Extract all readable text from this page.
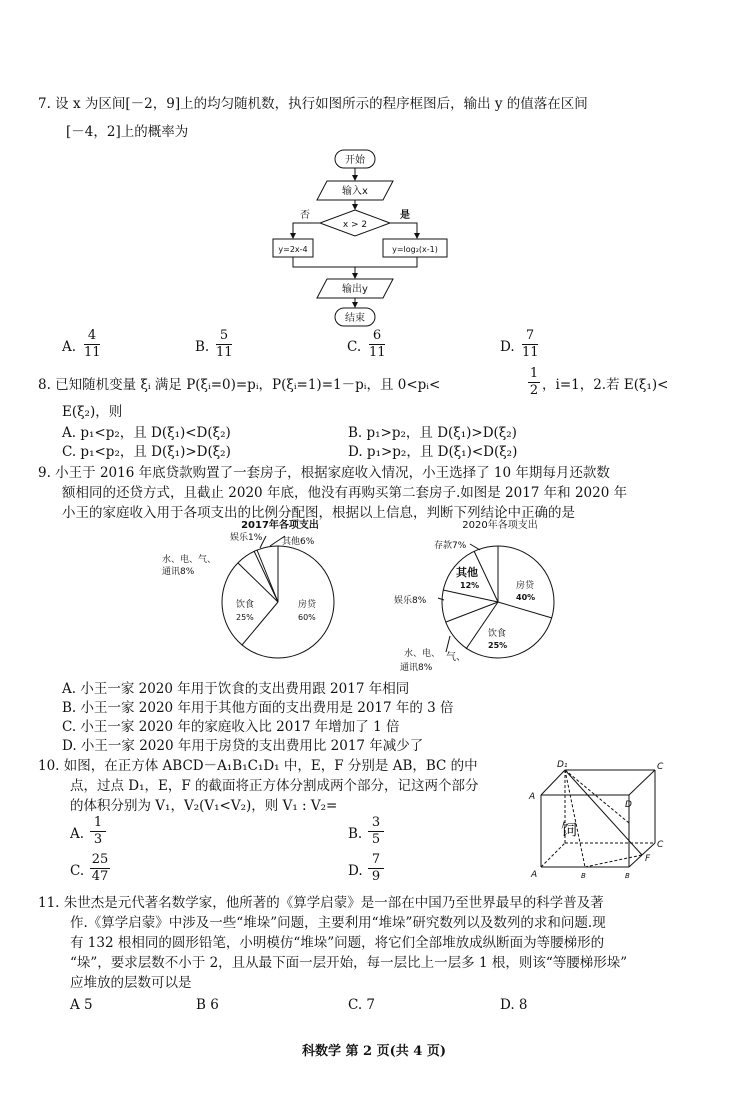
7. 设 x 为区间[－2，9]上的均匀随机数，执行如图所示的程序框图后，输出 y 的值落在区间
[－4，2]上的概率为
开始
输入x
x > 2
否	是
y=2x-4	y=log₂(x-1)
输出y
结束
A.
4
11	B.
5
11	C.
6
11	D.
7
11
8. 已知随机变量 ξᵢ 满足 P(ξᵢ=0)=pᵢ，P(ξᵢ=1)=1－pᵢ，且 0<pᵢ<
1
2 ，i=1，2.若 E(ξ₁)<
E(ξ₂)，则
A. p₁<p₂，且 D(ξ₁)<D(ξ₂)	B. p₁>p₂，且 D(ξ₁)>D(ξ₂)
C. p₁<p₂，且 D(ξ₁)>D(ξ₂)	D. p₁>p₂，且 D(ξ₁)<D(ξ₂)
9. 小王于 2016 年底贷款购置了一套房子，根据家庭收入情况，小王选择了 10 年期每月还款数
额相同的还贷方式，且截止 2020 年底，他没有再购买第二套房子.如图是 2017 年和 2020 年
小王的家庭收入用于各项支出的比例分配图，根据以上信息，判断下列结论中正确的是
2017年各项支出
娱乐1% 其他6%
水、电、气、
通讯8%
饮食
25%
房贷
60%
2020年各项支出
存款7%
其他
12%
娱乐8%
房贷
40%
饮食
25%
水、电、
通讯8%
气、
A. 小王一家 2020 年用于饮食的支出费用跟 2017 年相同
B. 小王一家 2020 年用于其他方面的支出费用是 2017 年的 3 倍
C. 小王一家 2020 年的家庭收入比 2017 年增加了 1 倍
D. 小王一家 2020 年用于房贷的支出费用比 2017 年减少了
10. 如图，在正方体 ABCD－A₁B₁C₁D₁ 中，E，F 分别是 AB，BC 的中
点，过点 D₁，E，F 的截面将正方体分割成两个部分，记这两个部分
的体积分别为 V₁，V₂(V₁<V₂)，则 V₁ : V₂=
A.
1
3	B.
3
5
C.
25
47	D.
7
9
D₁	C
A
D
饲
C
F
A	B	B
11. 朱世杰是元代著名数学家，他所著的《算学启蒙》是一部在中国乃至世界最早的科学普及著
作.《算学启蒙》中涉及一些“堆垛”问题，主要利用“堆垛”研究数列以及数列的求和问题.现
有 132 根相同的圆形铅笔，小明模仿“堆垛”问题，将它们全部堆放成纵断面为等腰梯形的
“垛”，要求层数不小于 2，且从最下面一层开始，每一层比上一层多 1 根，则该“等腰梯形垛”
应堆放的层数可以是
A 5	B 6	C. 7	D. 8
科数学 第 2 页(共 4 页)
